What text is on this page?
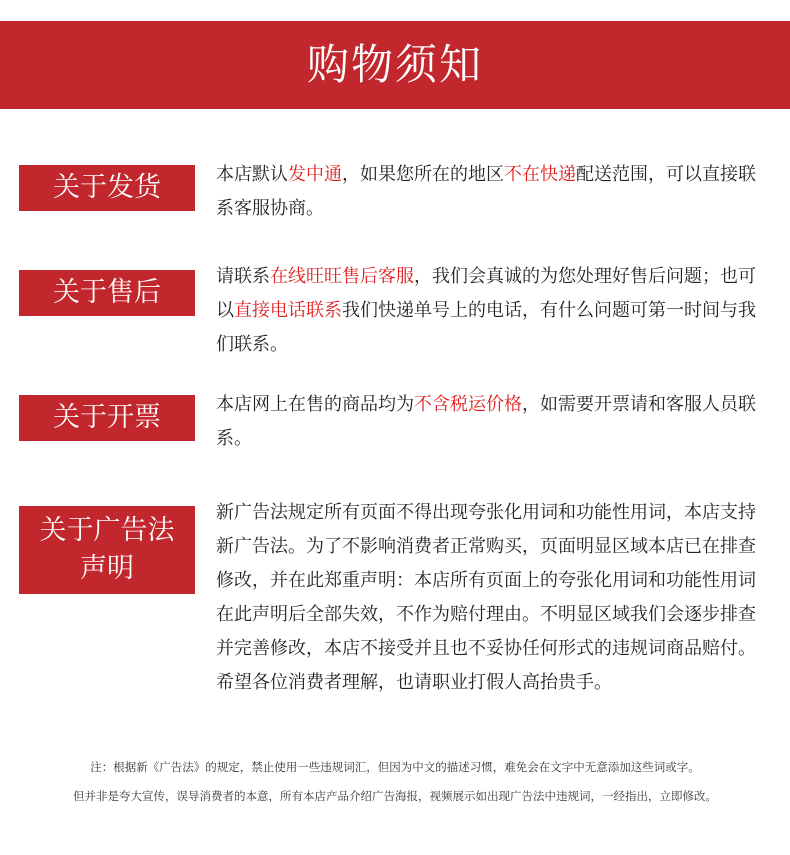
购物须知
关于发货	本店默认发中通，如果您所在的地区不在快递配送范围，可以直接联系客服协商。
关于售后
请联系在线旺旺售后客服，我们会真诚的为您处理好售后问题；也可以直接电话联系我们快递单号上的电话，有什么问题可第一时间与我们联系。
关于开票	本店网上在售的商品均为不含税运价格，如需要开票请和客服人员联系。
关于广告法
声明
新广告法规定所有页面不得出现夸张化用词和功能性用词，本店支持新广告法。为了不影响消费者正常购买，页面明显区域本店已在排查修改，并在此郑重声明：本店所有页面上的夸张化用词和功能性用词在此声明后全部失效，不作为赔付理由。不明显区域我们会逐步排查并完善修改，本店不接受并且也不妥协任何形式的违规词商品赔付。希望各位消费者理解，也请职业打假人高抬贵手。
注：根据新《广告法》的规定，禁止使用一些违规词汇，但因为中文的描述习惯，难免会在文字中无意添加这些词或字。
但并非是夸大宣传，误导消费者的本意，所有本店产品介绍广告海报，视频展示如出现广告法中违规词，一经指出，立即修改。
